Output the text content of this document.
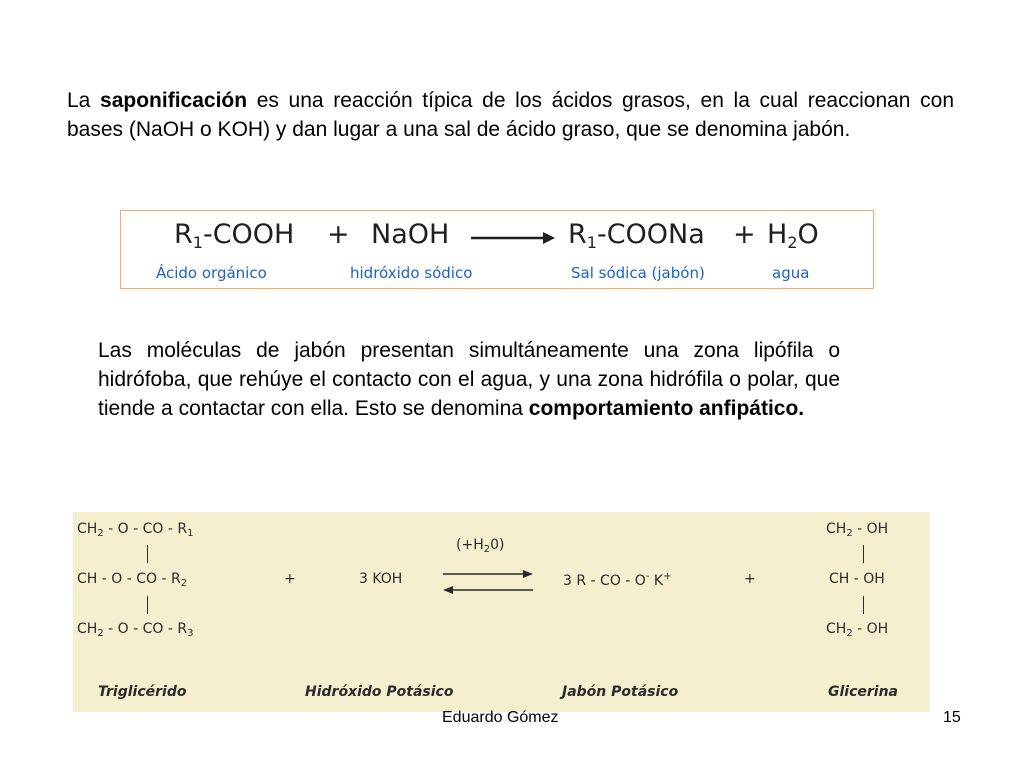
La saponificación es una reacción típica de los ácidos grasos, en la cual reaccionan con bases (NaOH o KOH) y dan lugar a una sal de ácido graso, que se denomina jabón.

$R_1$-COOH + NaOH	$R_1$-COONa + $H_2O$
Ácido orgánico	hidróxido sódico	Sal sódica (jabón)	agua

Las moléculas de jabón presentan simultáneamente una zona lipófila o hidrófoba, que rehúye el contacto con el agua, y una zona hidrófila o polar, que tiende a contactar con ella. Esto se denomina comportamiento anfipático.

$CH_2$ - O - CO - $R_1$
CH - O - CO - $R_2$
$CH_2$ - O - CO - $R_3$
+	3 KOH
$(+H_20)$
3 R - CO - O- K+	+
$CH_2$ - OH
CH - OH
$CH_2$ - OH
Triglicérido	Hidróxido Potásico	Jabón Potásico	Glicerina
Eduardo Gómez	15
